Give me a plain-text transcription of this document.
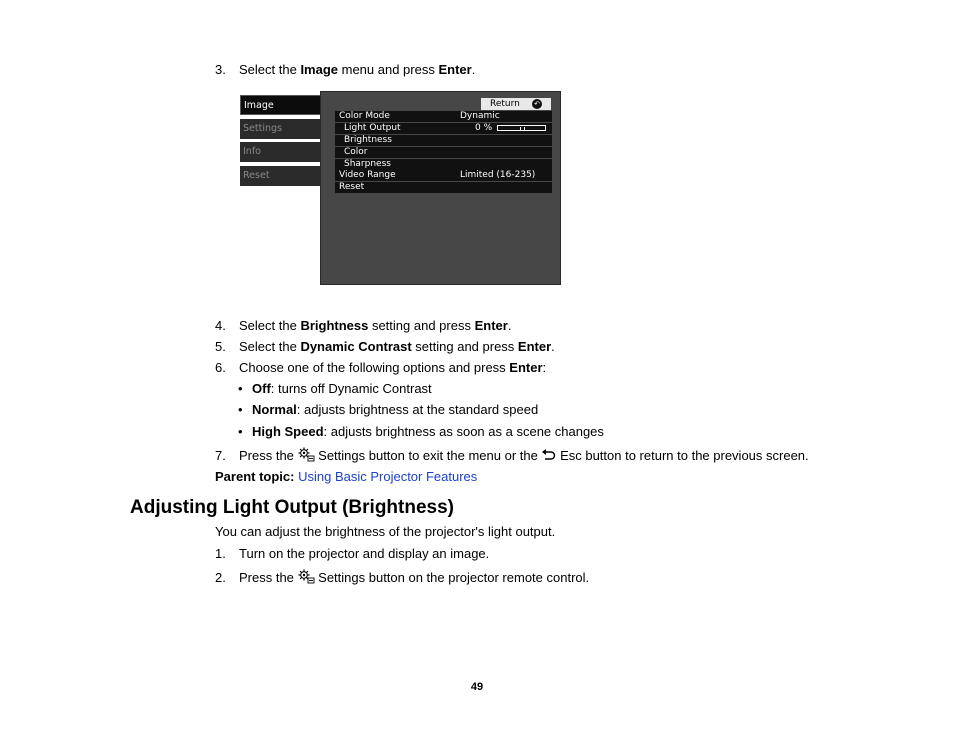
3. Select the Image menu and press Enter.
Image
Settings
Info
Reset
Return ↶
Color Mode	Dynamic
Light Output	0 %
Brightness
Color
Sharpness
Video Range	Limited (16-235)
Reset
4. Select the Brightness setting and press Enter.
5. Select the Dynamic Contrast setting and press Enter.
6. Choose one of the following options and press Enter:
• Off: turns off Dynamic Contrast
• Normal: adjusts brightness at the standard speed
• High Speed: adjusts brightness as soon as a scene changes
7. Press the  Settings button to exit the menu or the  Esc button to return to the previous screen.
Parent topic: Using Basic Projector Features
Adjusting Light Output (Brightness)
You can adjust the brightness of the projector's light output.
1. Turn on the projector and display an image.
2. Press the  Settings button on the projector remote control.
49
